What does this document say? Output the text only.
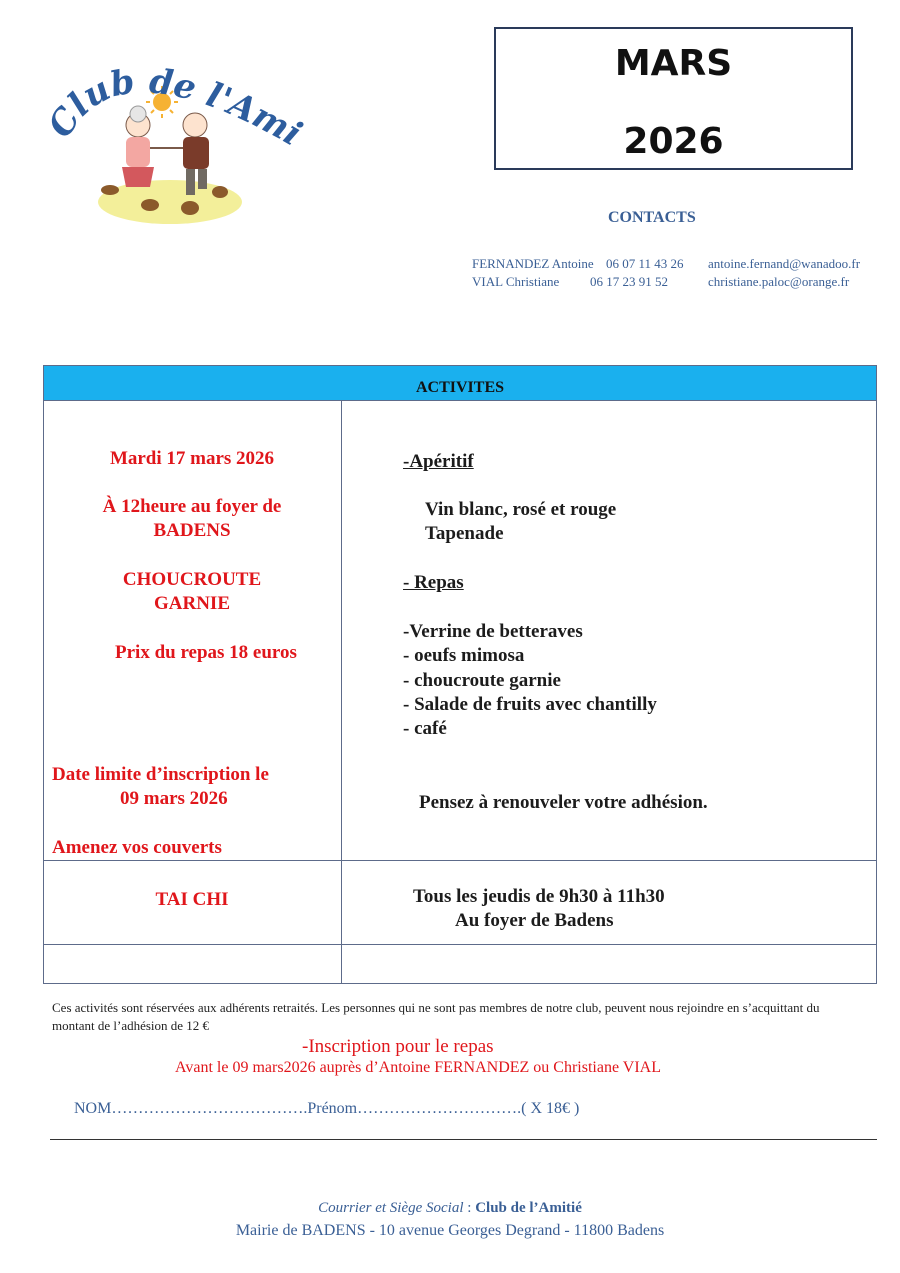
Club de l'Ami
MARS
2026
CONTACTS
FERNANDEZ Antoine 06 07 11 43 26 antoine.fernand@wanadoo.fr
VIAL Christiane 06 17 23 91 52	christiane.paloc@orange.fr
ACTIVITES
Mardi 17 mars 2026
À 12heure au foyer de
BADENS
CHOUCROUTE
GARNIE
Prix du repas 18 euros
Date limite d’inscription le
09 mars 2026
Amenez vos couverts
-Apéritif
Vin blanc, rosé et rouge
Tapenade
- Repas
-Verrine de betteraves
- oeufs mimosa
- choucroute garnie
- Salade de fruits avec chantilly
- café
Pensez à renouveler votre adhésion.
TAI CHI	Tous les jeudis de 9h30 à 11h30
Au foyer de Badens
Ces activités sont réservées aux adhérents retraités. Les personnes qui ne sont pas membres de notre club, peuvent nous rejoindre en s’acquittant du montant de l’adhésion de 12 €
-Inscription pour le repas
Avant le 09 mars2026 auprès d’Antoine FERNANDEZ ou Christiane VIAL
NOM……………………………….Prénom………………………….( X 18€ )
Courrier et Siège Social : Club de l’Amitié
Mairie de BADENS - 10 avenue Georges Degrand - 11800 Badens
